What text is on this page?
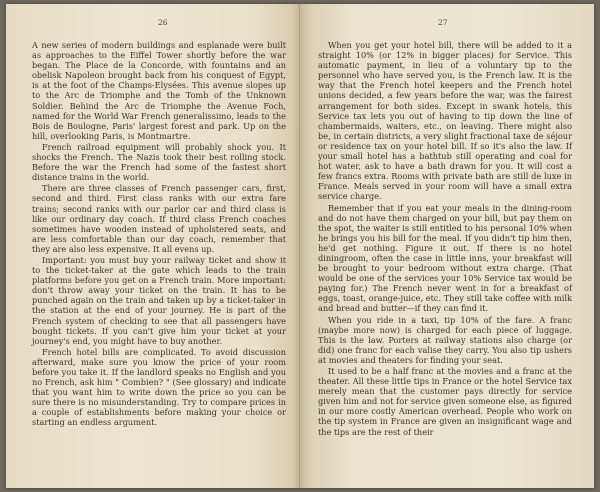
26

A new series of modern buildings and esplanade were built as approaches to the Eiffel Tower shortly before the war began. The Place de la Concorde, with fountains and an obelisk Napoleon brought back from his conquest of Egypt, is at the foot of the Champs-Elysées. This avenue slopes up to the Arc de Triomphe and the Tomb of the Unknown Soldier. Behind the Arc de Triomphe the Avenue Foch, named for the World War French generalissimo, leads to the Bois de Boulogne, Paris' largest forest and park. Up on the hill, overlooking Paris, is Montmartre.

French railroad equipment will probably shock you. It shocks the French. The Nazis took their best rolling stock. Before the war the French had some of the fastest short distance trains in the world.

There are three classes of French passenger cars, first, second and third. First class ranks with our extra fare trains; second ranks with our parlor car and third class is like our ordinary day coach. If third class French coaches sometimes have wooden instead of upholstered seats, and are less comfortable than our day coach, remember that they are also less expensive. It all evens up.

Important: you must buy your railway ticket and show it to the ticket-taker at the gate which leads to the train platforms before you get on a French train. More important: don't throw away your ticket on the train. It has to be punched again on the train and taken up by a ticket-taker in the station at the end of your journey. He is part of the French system of checking to see that all passengers have bought tickets. If you can't give him your ticket at your journey's end, you might have to buy another.

French hotel bills are complicated. To avoid discussion afterward, make sure you know the price of your room before you take it. If the landlord speaks no English and you no French, ask him " Combien? " (See glossary) and indicate that you want him to write down the price so you can be sure there is no misunderstanding. Try to compare prices in a couple of establishments before making your choice or starting an endless argument.

27

When you get your hotel bill, there will be added to it a straight 10% (or 12% in bigger places) for Service. This automatic payment, in lieu of a voluntary tip to the personnel who have served you, is the French law. It is the way that the French hotel keepers and the French hotel unions decided, a few years before the war, was the fairest arrangement for both sides. Except in swank hotels, this Service tax lets you out of having to tip down the line of chambermaids, waiters, etc., on leaving. There might also be, in certain districts, a very slight fractional taxe de séjour or residence tax on your hotel bill. If so it's also the law. If your small hotel has a bathtub still operating and coal for hot water, ask to have a bath drawn for you. It will cost a few francs extra. Rooms with private bath are still de luxe in France. Meals served in your room will have a small extra service charge.

Remember that if you eat your meals in the dining-room and do not have them charged on your bill, but pay them on the spot, the waiter is still entitled to his personal 10% when he brings you his bill for the meal. If you didn't tip him then, he'd get nothing. Figure it out. If there is no hotel diningroom, often the case in little inns, your breakfast will be brought to your bedroom without extra charge. (That would be one of the services your 10% Service tax would be paying for.) The French never went in for a breakfast of eggs, toast, orange-juice, etc. They still take coffee with milk and bread and butter—if they can find it.

When you ride in a taxi, tip 10% of the fare. A franc (maybe more now) is charged for each piece of luggage. This is the law. Porters at railway stations also charge (or did) one franc for each valise they carry. You also tip ushers at movies and theaters for finding your seat.

It used to be a half franc at the movies and a franc at the theater. All these little tips in France or the hotel Service tax merely mean that the customer pays directly for service given him and not for service given someone else, as figured in our more costly American overhead. People who work on the tip system in France are given an insignificant wage and the tips are the rest of their
